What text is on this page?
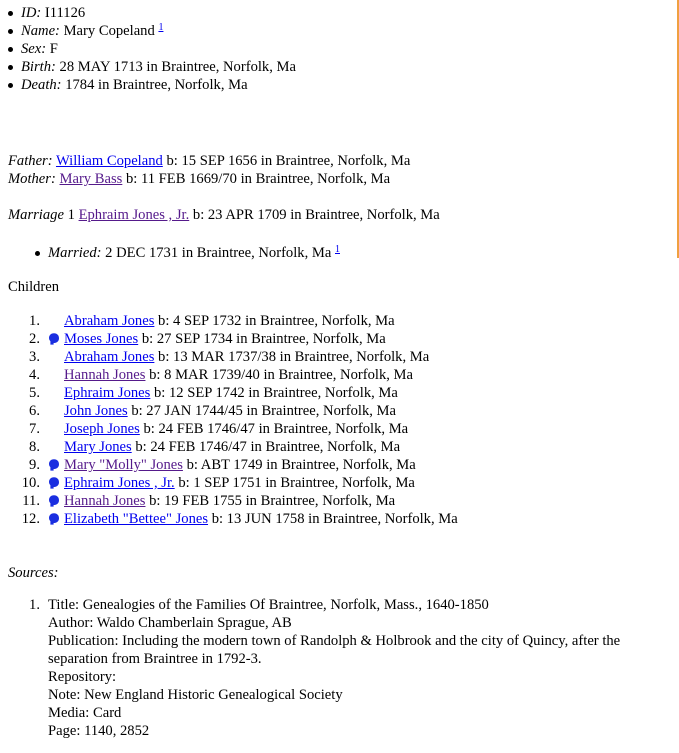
ID: I11126
Name: Mary Copeland $^1$
Sex: F
Birth: 28 MAY 1713 in Braintree, Norfolk, Ma
Death: 1784 in Braintree, Norfolk, Ma
Father: William Copeland b: 15 SEP 1656 in Braintree, Norfolk, Ma
Mother: Mary Bass b: 11 FEB 1669/70 in Braintree, Norfolk, Ma
Marriage 1 Ephraim Jones , Jr. b: 23 APR 1709 in Braintree, Norfolk, Ma
Married: 2 DEC 1731 in Braintree, Norfolk, Ma $^1$
Children
1. Abraham Jones b: 4 SEP 1732 in Braintree, Norfolk, Ma
2. Moses Jones b: 27 SEP 1734 in Braintree, Norfolk, Ma
3. Abraham Jones b: 13 MAR 1737/38 in Braintree, Norfolk, Ma
4. Hannah Jones b: 8 MAR 1739/40 in Braintree, Norfolk, Ma
5. Ephraim Jones b: 12 SEP 1742 in Braintree, Norfolk, Ma
6. John Jones b: 27 JAN 1744/45 in Braintree, Norfolk, Ma
7. Joseph Jones b: 24 FEB 1746/47 in Braintree, Norfolk, Ma
8. Mary Jones b: 24 FEB 1746/47 in Braintree, Norfolk, Ma
9. Mary "Molly" Jones b: ABT 1749 in Braintree, Norfolk, Ma
10. Ephraim Jones , Jr. b: 1 SEP 1751 in Braintree, Norfolk, Ma
11. Hannah Jones b: 19 FEB 1755 in Braintree, Norfolk, Ma
12. Elizabeth "Bettee" Jones b: 13 JUN 1758 in Braintree, Norfolk, Ma
Sources:
1. Title: Genealogies of the Families Of Braintree, Norfolk, Mass., 1640-1850
Author: Waldo Chamberlain Sprague, AB
Publication: Including the modern town of Randolph & Holbrook and the city of Quincy, after the separation from Braintree in 1792-3.
Repository:
Note: New England Historic Genealogical Society
Media: Card
Page: 1140, 2852
